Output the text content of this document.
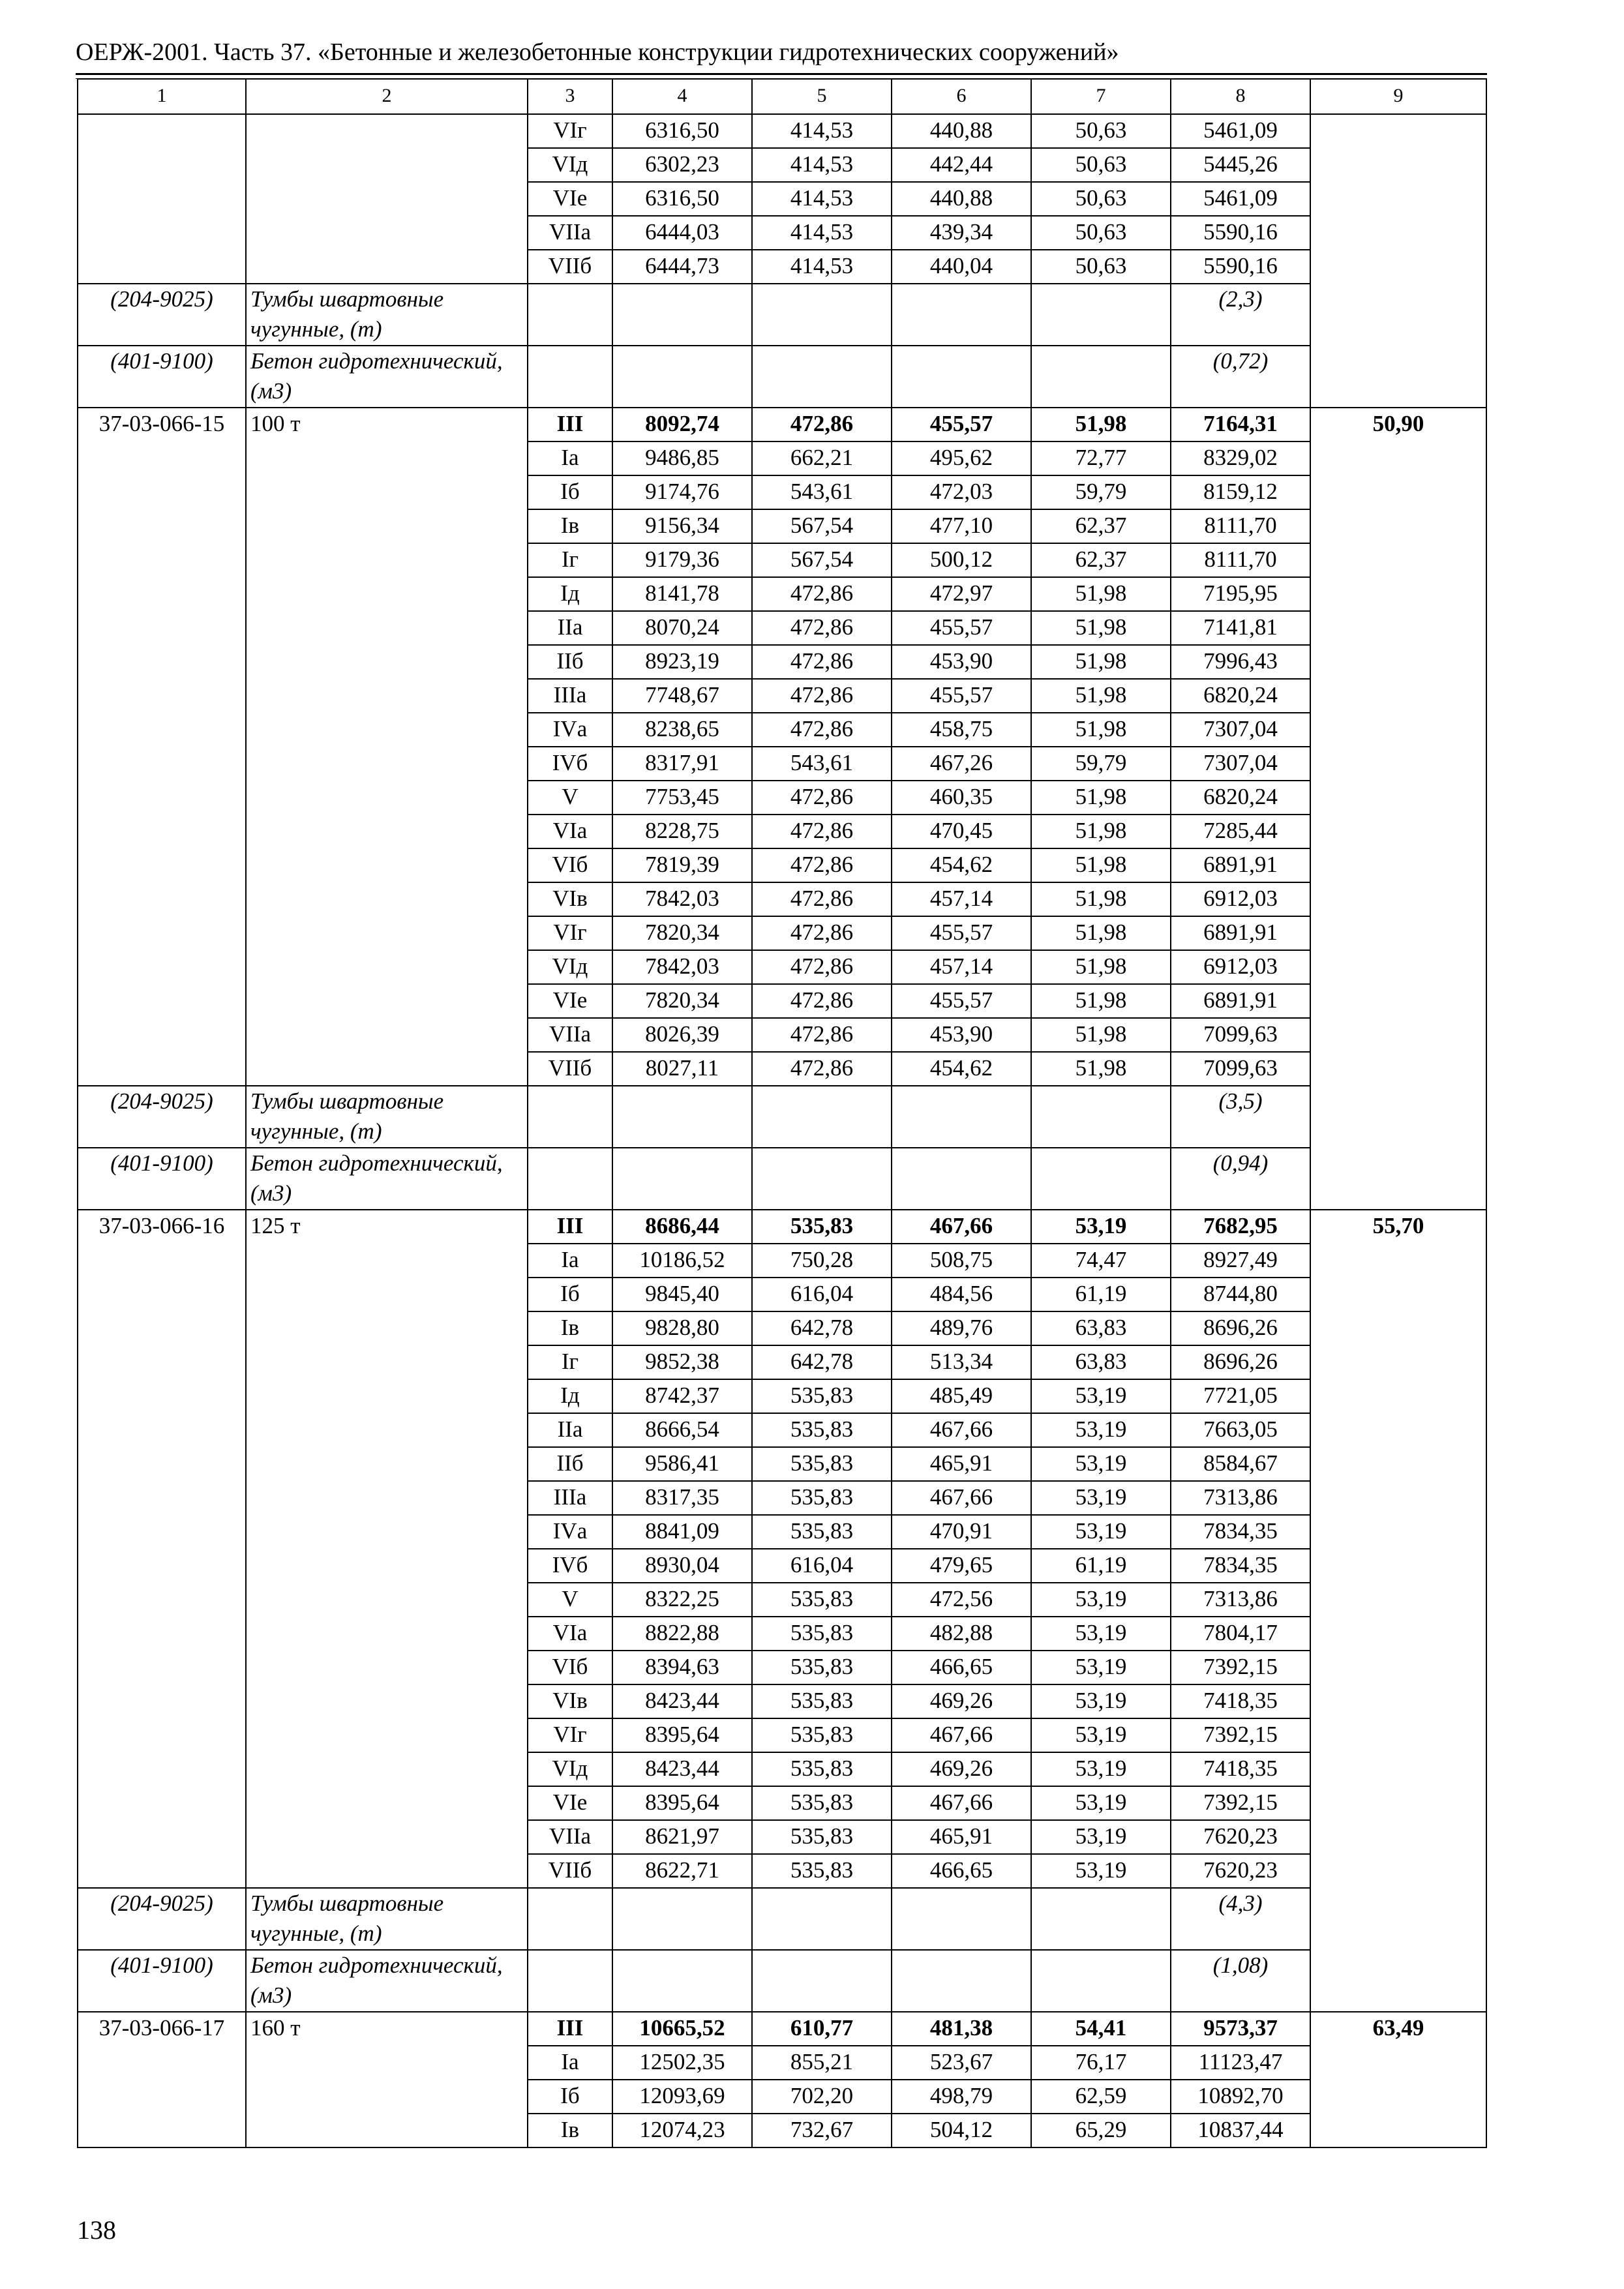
ОЕРЖ-2001. Часть 37. «Бетонные и железобетонные конструкции гидротехнических сооружений»
1	2	3	4	5	6	7	8	9
		VIг	6316,50	414,53	440,88	50,63	5461,09	
		VIд	6302,23	414,53	442,44	50,63	5445,26	
		VIе	6316,50	414,53	440,88	50,63	5461,09	
		VIIа	6444,03	414,53	439,34	50,63	5590,16	
		VIIб	6444,73	414,53	440,04	50,63	5590,16	
(204-9025)	Тумбы швартовные чугунные, (т)						(2,3)	
(401-9100)	Бетон гидротехнический, (м3)						(0,72)	
37-03-066-15	100 т	III	8092,74	472,86	455,57	51,98	7164,31	50,90
		Iа	9486,85	662,21	495,62	72,77	8329,02	
		Iб	9174,76	543,61	472,03	59,79	8159,12	
		Iв	9156,34	567,54	477,10	62,37	8111,70	
		Iг	9179,36	567,54	500,12	62,37	8111,70	
		Iд	8141,78	472,86	472,97	51,98	7195,95	
		IIа	8070,24	472,86	455,57	51,98	7141,81	
		IIб	8923,19	472,86	453,90	51,98	7996,43	
		IIIа	7748,67	472,86	455,57	51,98	6820,24	
		IVа	8238,65	472,86	458,75	51,98	7307,04	
		IVб	8317,91	543,61	467,26	59,79	7307,04	
		V	7753,45	472,86	460,35	51,98	6820,24	
		VIа	8228,75	472,86	470,45	51,98	7285,44	
		VIб	7819,39	472,86	454,62	51,98	6891,91	
		VIв	7842,03	472,86	457,14	51,98	6912,03	
		VIг	7820,34	472,86	455,57	51,98	6891,91	
		VIд	7842,03	472,86	457,14	51,98	6912,03	
		VIе	7820,34	472,86	455,57	51,98	6891,91	
		VIIа	8026,39	472,86	453,90	51,98	7099,63	
		VIIб	8027,11	472,86	454,62	51,98	7099,63	
(204-9025)	Тумбы швартовные чугунные, (т)						(3,5)	
(401-9100)	Бетон гидротехнический, (м3)						(0,94)	
37-03-066-16	125 т	III	8686,44	535,83	467,66	53,19	7682,95	55,70
		Iа	10186,52	750,28	508,75	74,47	8927,49	
		Iб	9845,40	616,04	484,56	61,19	8744,80	
		Iв	9828,80	642,78	489,76	63,83	8696,26	
		Iг	9852,38	642,78	513,34	63,83	8696,26	
		Iд	8742,37	535,83	485,49	53,19	7721,05	
		IIа	8666,54	535,83	467,66	53,19	7663,05	
		IIб	9586,41	535,83	465,91	53,19	8584,67	
		IIIа	8317,35	535,83	467,66	53,19	7313,86	
		IVа	8841,09	535,83	470,91	53,19	7834,35	
		IVб	8930,04	616,04	479,65	61,19	7834,35	
		V	8322,25	535,83	472,56	53,19	7313,86	
		VIа	8822,88	535,83	482,88	53,19	7804,17	
		VIб	8394,63	535,83	466,65	53,19	7392,15	
		VIв	8423,44	535,83	469,26	53,19	7418,35	
		VIг	8395,64	535,83	467,66	53,19	7392,15	
		VIд	8423,44	535,83	469,26	53,19	7418,35	
		VIе	8395,64	535,83	467,66	53,19	7392,15	
		VIIа	8621,97	535,83	465,91	53,19	7620,23	
		VIIб	8622,71	535,83	466,65	53,19	7620,23	
(204-9025)	Тумбы швартовные чугунные, (т)						(4,3)	
(401-9100)	Бетон гидротехнический, (м3)						(1,08)	
37-03-066-17	160 т	III	10665,52	610,77	481,38	54,41	9573,37	63,49
		Iа	12502,35	855,21	523,67	76,17	11123,47	
		Iб	12093,69	702,20	498,79	62,59	10892,70	
		Iв	12074,23	732,67	504,12	65,29	10837,44	
138
